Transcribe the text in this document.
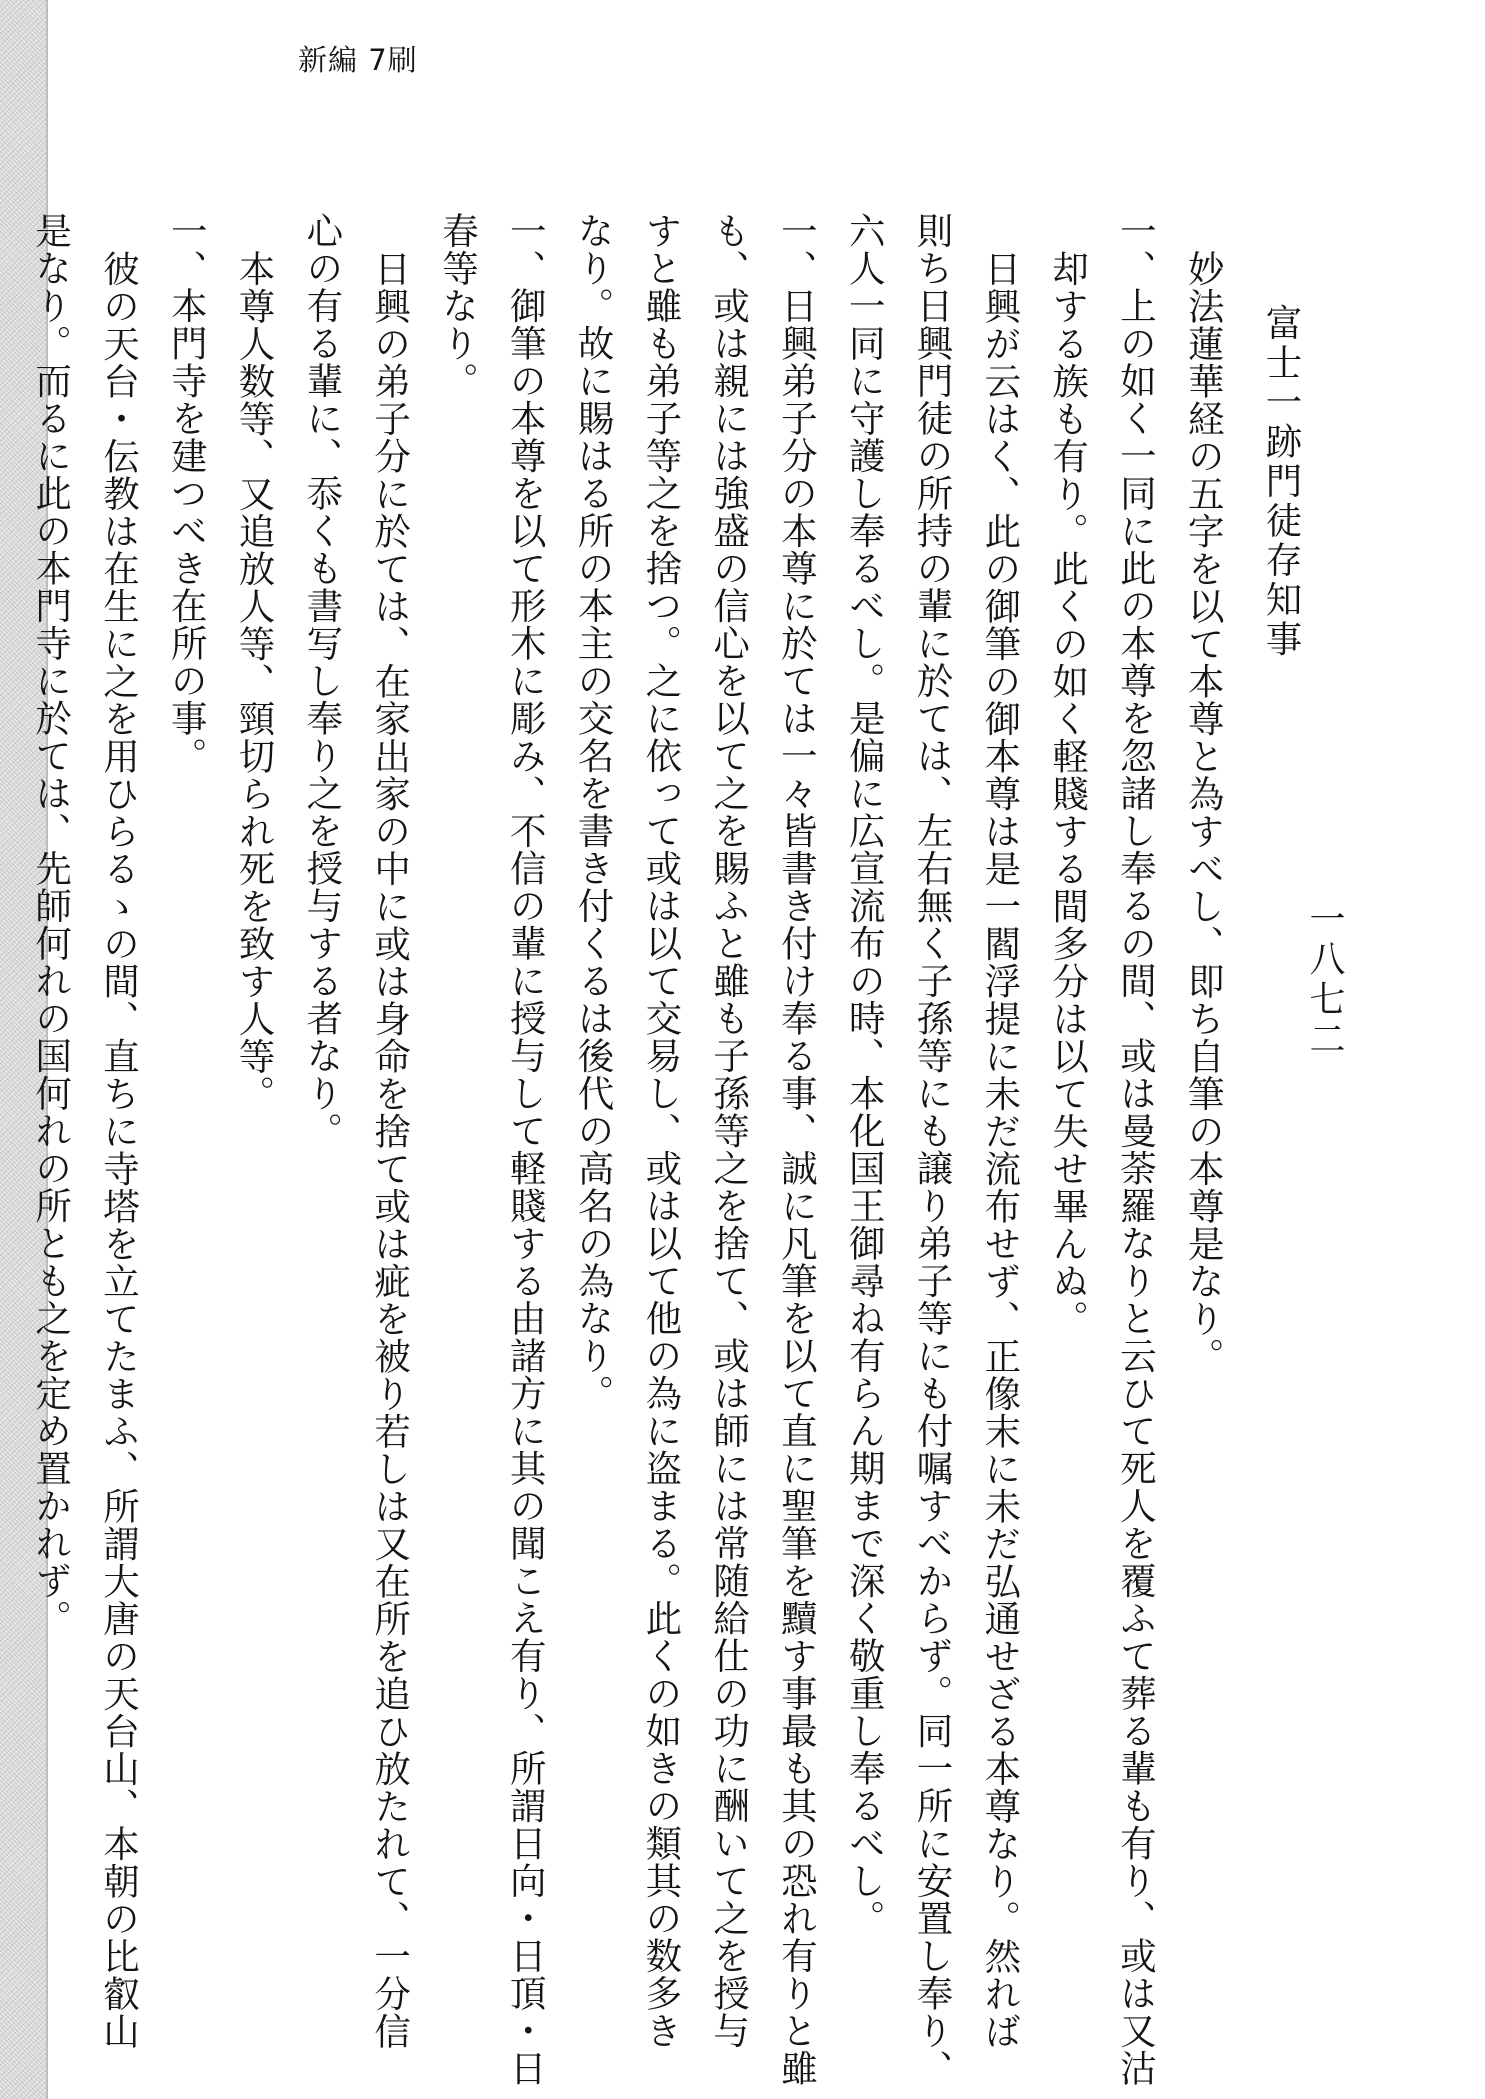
新編 7刷
一八七二
富士一跡門徒存知事
妙法蓮華経の五字を以て本尊と為すべし、即ち自筆の本尊是なり。
一、上の如く一同に此の本尊を忽諸し奉るの間、或は曼荼羅なりと云ひて死人を覆ふて葬る輩も有り、或は又沽
却する族も有り。此くの如く軽賤する間多分は以て失せ畢んぬ。
日興が云はく、此の御筆の御本尊は是一閻浮提に未だ流布せず、正像末に未だ弘通せざる本尊なり。然れば
則ち日興門徒の所持の輩に於ては、左右無く子孫等にも譲り弟子等にも付嘱すべからず。同一所に安置し奉り、
六人一同に守護し奉るべし。是偏に広宣流布の時、本化国王御尋ね有らん期まで深く敬重し奉るべし。
一、日興弟子分の本尊に於ては一々皆書き付け奉る事、誠に凡筆を以て直に聖筆を黷す事最も其の恐れ有りと雖
も、或は親には強盛の信心を以て之を賜ふと雖も子孫等之を捨て、或は師には常随給仕の功に酬いて之を授与
すと雖も弟子等之を捨つ。之に依って或は以て交易し、或は以て他の為に盗まる。此くの如きの類其の数多き
なり。故に賜はる所の本主の交名を書き付くるは後代の高名の為なり。
一、御筆の本尊を以て形木に彫み、不信の輩に授与して軽賤する由諸方に其の聞こえ有り、所謂日向・日頂・日
春等なり。
日興の弟子分に於ては、在家出家の中に或は身命を捨て或は疵を被り若しは又在所を追ひ放たれて、一分信
心の有る輩に、忝くも書写し奉り之を授与する者なり。
本尊人数等、又追放人等、頸切られ死を致す人等。
一、本門寺を建つべき在所の事。
彼の天台・伝教は在生に之を用ひらるゝの間、直ちに寺塔を立てたまふ、所謂大唐の天台山、本朝の比叡山
是なり。而るに此の本門寺に於ては、先師何れの国何れの所とも之を定め置かれず。
